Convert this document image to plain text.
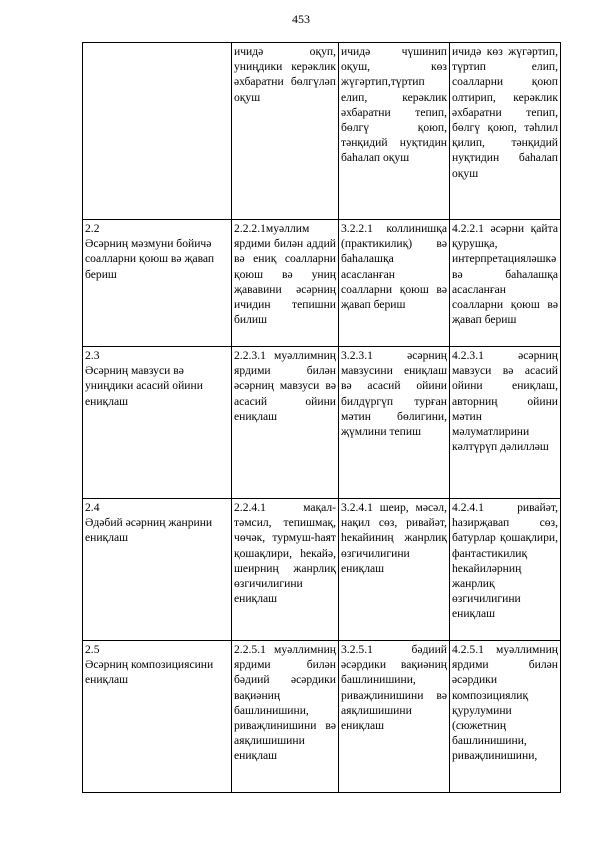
453
	ичидә оқуп, униңдики керәклик әхбаратни бөлгүләп оқуш	ичидә чүшинип оқуш, көз жүгәртип,түртип елип, керәклик әхбаратни тепип, бөлгү қоюп, тәнқидий нуқтидин баһалап оқуш	ичидә көз жүгәртип, түртип елип, соалларни қоюп олтирип, керәклик әхбаратни тепип, бөлгү қоюп, тәһлил қилип, тәнқидий нуқтидин баһалап оқуш
2.2
Әсәрниң мәзмуни бойичә соалларни қоюш вә җавап бериш	2.2.2.1муәллим ярдими билән аддий вә ениқ соалларни қоюш вә униң җававини әсәрниң ичидин тепишни билиш	3.2.2.1 коллинишқа (практикилиқ) вә баһалашқа асасланған соалларни қоюш вә җавап бериш	4.2.2.1 әсәрни қайта қурушқа, интерпретацияләшкә вә баһалашқа асасланған соалларни қоюш вә җавап бериш
2.3
Әсәрниң мавзуси вә униңдики асасий ойини ениқлаш	2.2.3.1 муәллимниң ярдими билән әсәрниң мавзуси вә асасий ойини ениқлаш	3.2.3.1 әсәрниң мавзусини ениқлаш вә асасий ойини билдүргүп турған мәтин бөлигини, җүмлини тепиш	4.2.3.1 әсәрниң мавзуси вә асасий ойини ениқлаш, авторниң ойини мәтин мәлуматлирини кәлтүрүп дәлилләш
2.4
Әдәбий әсәрниң жанрини ениқлаш	2.2.4.1 мақал-тәмсил, тепишмақ, чөчәк, турмуш-һаят қошақлири, һекайә, шеирниң жанрлиқ өзгичилигини ениқлаш	3.2.4.1 шеир, мәсәл, нақил сөз, ривайәт, һекайиниң жанрлиқ өзгичилигини ениқлаш	4.2.4.1 ривайәт, һазирҗавап сөз, батурлар қошақлири, фантастикилиқ һекайиләрниң жанрлиқ өзгичилигини ениқлаш
2.5
Әсәрниң композициясини ениқлаш	2.2.5.1 муәллимниң ярдими билән бәдиий әсәрдики вақиәниң башлинишини, риваҗлинишини вә аяқлишишини ениқлаш	3.2.5.1 бәдиий әсәрдики вақиәниң башлинишини, риваҗлинишини вә аяқлишишини ениқлаш	4.2.5.1 муәллимниң ярдими билән әсәрдики композициялиқ қурулумини (сюжетниң башлинишини, риваҗлинишини,
